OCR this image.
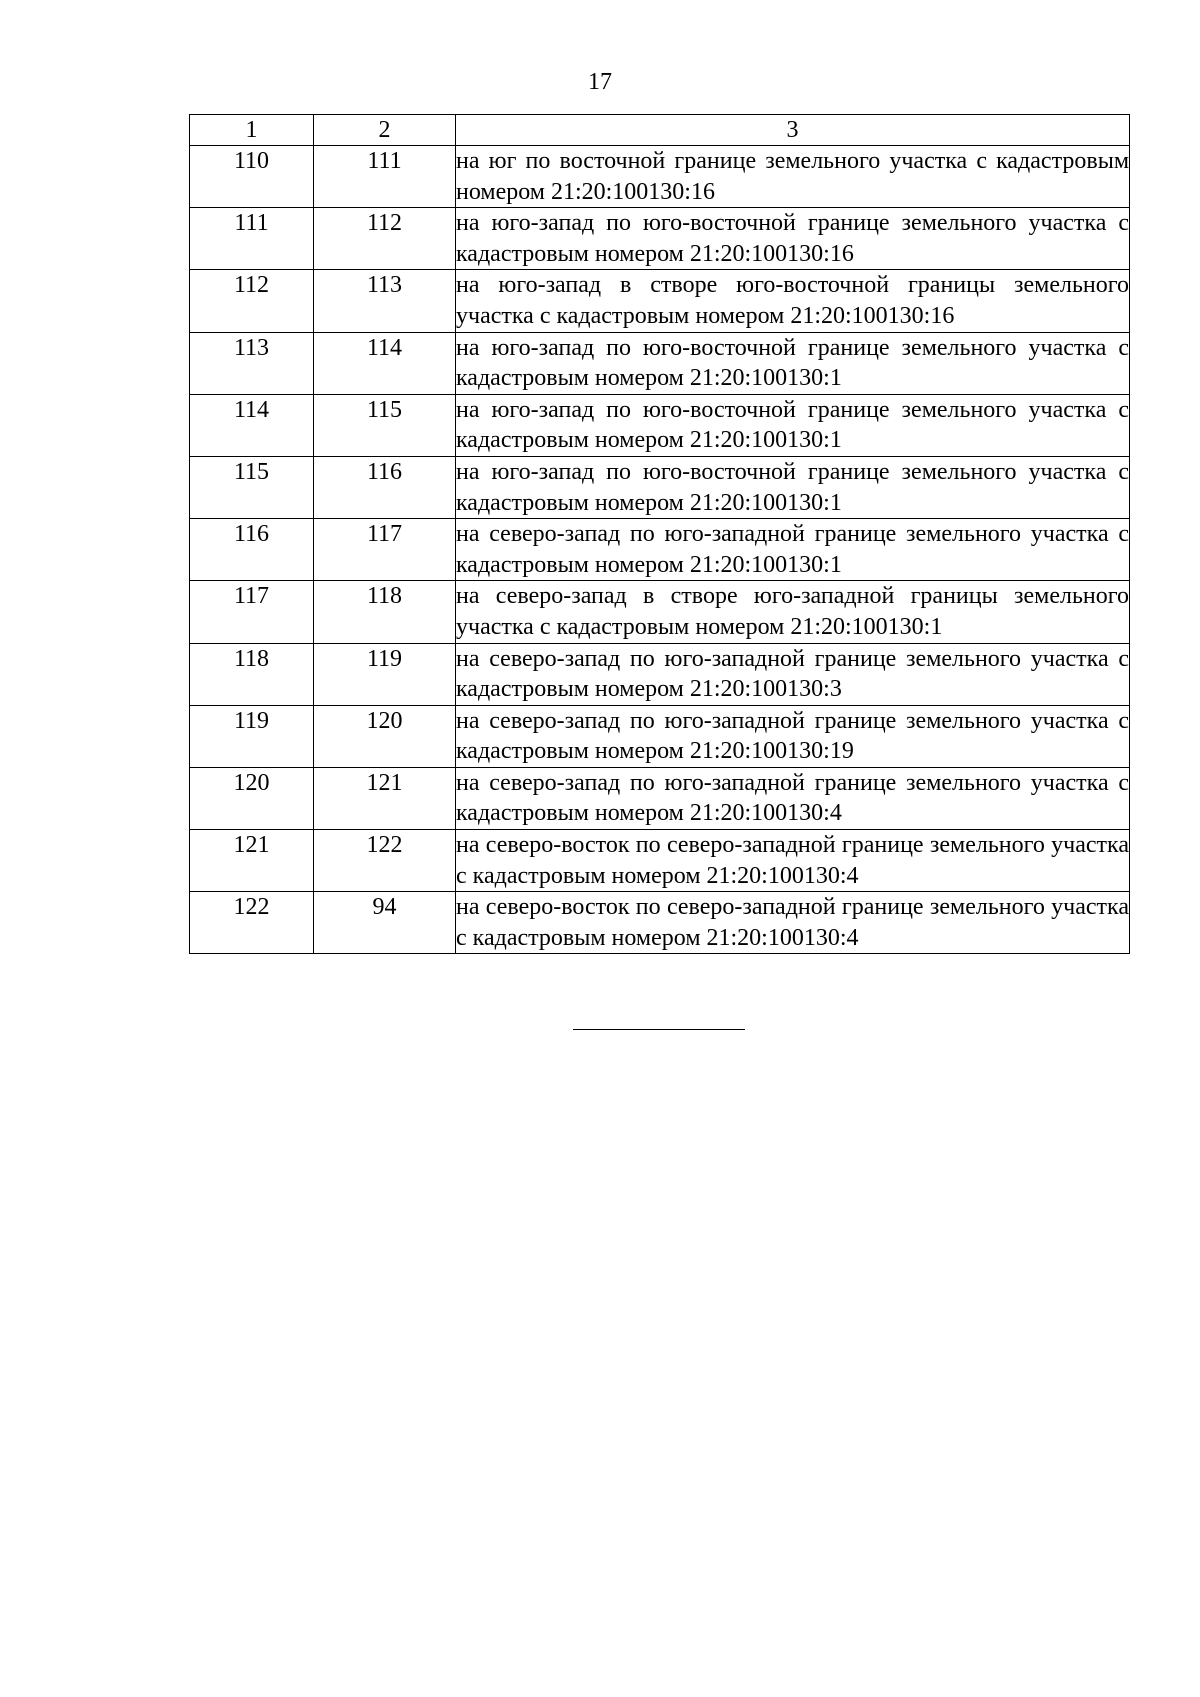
17
1	2	3
110	111	на юг по восточной границе земельного участка с кадастровым номером 21:20:100130:16
111	112	на юго-запад по юго-восточной границе земельного участка с кадастровым номером 21:20:100130:16
112	113	на юго-запад в створе юго-восточной границы земельного участка с кадастровым номером 21:20:100130:16
113	114	на юго-запад по юго-восточной границе земельного участка с кадастровым номером 21:20:100130:1
114	115	на юго-запад по юго-восточной границе земельного участка с кадастровым номером 21:20:100130:1
115	116	на юго-запад по юго-восточной границе земельного участка с кадастровым номером 21:20:100130:1
116	117	на северо-запад по юго-западной границе земельного участка с кадастровым номером 21:20:100130:1
117	118	на северо-запад в створе юго-западной границы земельного участка с кадастровым номером 21:20:100130:1
118	119	на северо-запад по юго-западной границе земельного участка с кадастровым номером 21:20:100130:3
119	120	на северо-запад по юго-западной границе земельного участка с кадастровым номером 21:20:100130:19
120	121	на северо-запад по юго-западной границе земельного участка с кадастровым номером 21:20:100130:4
121	122	на северо-восток по северо-западной границе земельного участка с кадастровым номером 21:20:100130:4
122	94	на северо-восток по северо-западной границе земельного участка с кадастровым номером 21:20:100130:4
